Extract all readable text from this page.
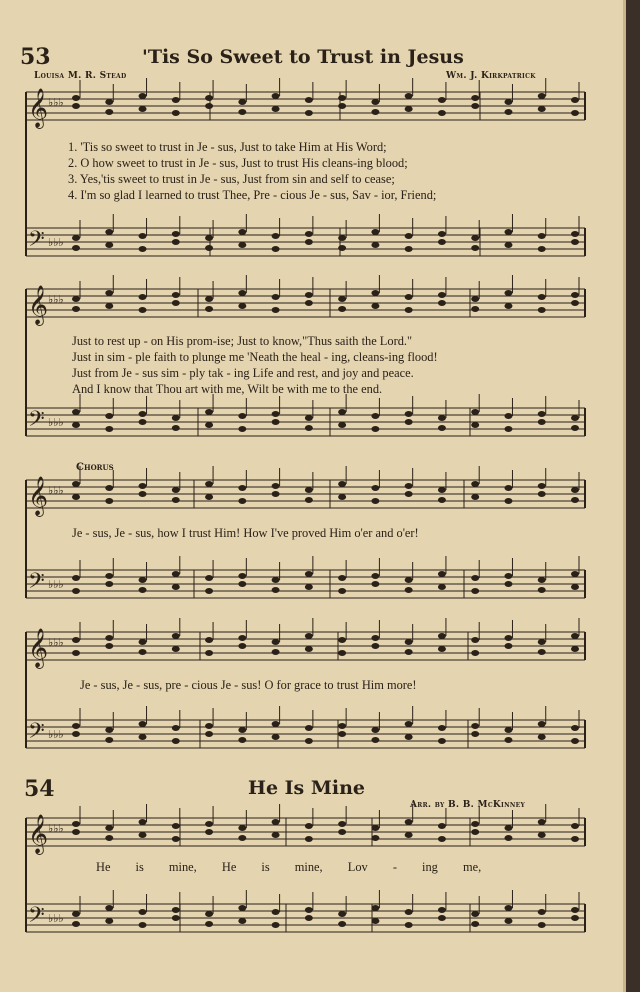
53	'Tis So Sweet to Trust in Jesus
Louisa M. R. Stead	Wm. J. Kirkpatrick
𝄞
𝄢
♭♭♭
♭♭♭
𝄞
𝄢
♭♭♭
♭♭♭
𝄞
𝄢
♭♭♭
♭♭♭
𝄞
𝄢
♭♭♭
♭♭♭
𝄞
𝄢
♭♭♭
♭♭♭
1. 'Tis so sweet to trust in Je - sus, Just to take Him at His Word;
2. O how sweet to trust in Je - sus, Just to trust His cleans-ing blood;
3. Yes,'tis sweet to trust in Je - sus, Just from sin and self to cease;
4. I'm so glad I learned to trust Thee, Pre - cious Je - sus, Sav - ior, Friend;
Just to rest up - on His prom-ise; Just to know,"Thus saith the Lord."
Just in sim - ple faith to plunge me 'Neath the heal - ing, cleans-ing flood!
Just from Je - sus sim - ply tak - ing Life and rest, and joy and peace.
And I know that Thou art with me, Wilt be with me to the end.
Chorus
Je - sus, Je - sus, how I trust Him! How I've proved Him o'er and o'er!
Je - sus, Je - sus, pre - cious Je - sus! O for grace to trust Him more!
54	He Is Mine
Arr. by B. B. McKinney
He is mine, He is mine, Lov - ing me,
